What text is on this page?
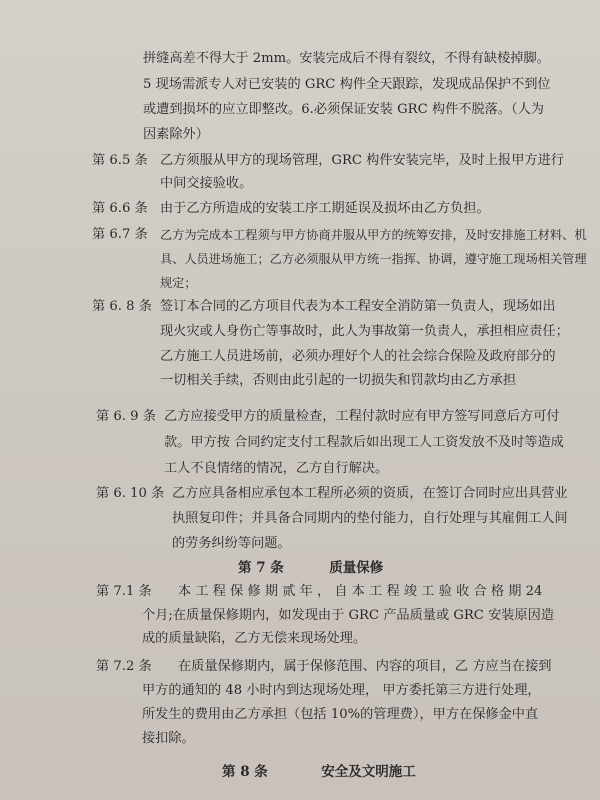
拼缝高差不得大于 2mm。安装完成后不得有裂纹，不得有缺棱掉脚。
5 现场需派专人对已安装的 GRC 构件全天跟踪，发现成品保护不到位
或遭到损坏的应立即整改。6.必须保证安装 GRC 构件不脱落。（人为
因素除外）
第 6.5 条 乙方须服从甲方的现场管理，GRC 构件安装完毕，及时上报甲方进行
中间交接验收。
第 6.6 条 由于乙方所造成的安装工序工期延误及损坏由乙方负担。
第 6.7 条 乙方为完成本工程须与甲方协商并服从甲方的统筹安排，及时安排施工材料、机
具、人员进场施工；乙方必须服从甲方统一指挥、协调，遵守施工现场相关管理
规定；
第 6. 8 条 签订本合同的乙方项目代表为本工程安全消防第一负责人，现场如出
现火灾或人身伤亡等事故时，此人为事故第一负责人，承担相应责任；
乙方施工人员进场前，必须办理好个人的社会综合保险及政府部分的
一切相关手续，否则由此引起的一切损失和罚款均由乙方承担
第 6. 9 条 乙方应接受甲方的质量检查，工程付款时应有甲方签写同意后方可付
款。甲方按 合同约定支付工程款后如出现工人工资发放不及时等造成
工人不良情绪的情况，乙方自行解决。
第 6. 10 条 乙方应具备相应承包本工程所必须的资质，在签订合同时应出具营业
执照复印件；并具备合同期内的垫付能力，自行处理与其雇佣工人间
的劳务纠纷等问题。
第 7 条	质量保修
第 7.1 条 本 工 程 保 修 期 贰 年 ， 自 本 工 程 竣 工 验 收 合 格 期 24
个月;在质量保修期内，如发现由于 GRC 产品质量或 GRC 安装原因造
成的质量缺陷，乙方无偿来现场处理。
第 7.2 条 在质量保修期内，属于保修范围、内容的项目，乙 方应当在接到
甲方的通知的 48 小时内到达现场处理， 甲方委托第三方进行处理，
所发生的费用由乙方承担（包括 10%的管理费），甲方在保修金中直
接扣除。
第 8 条	安全及文明施工
